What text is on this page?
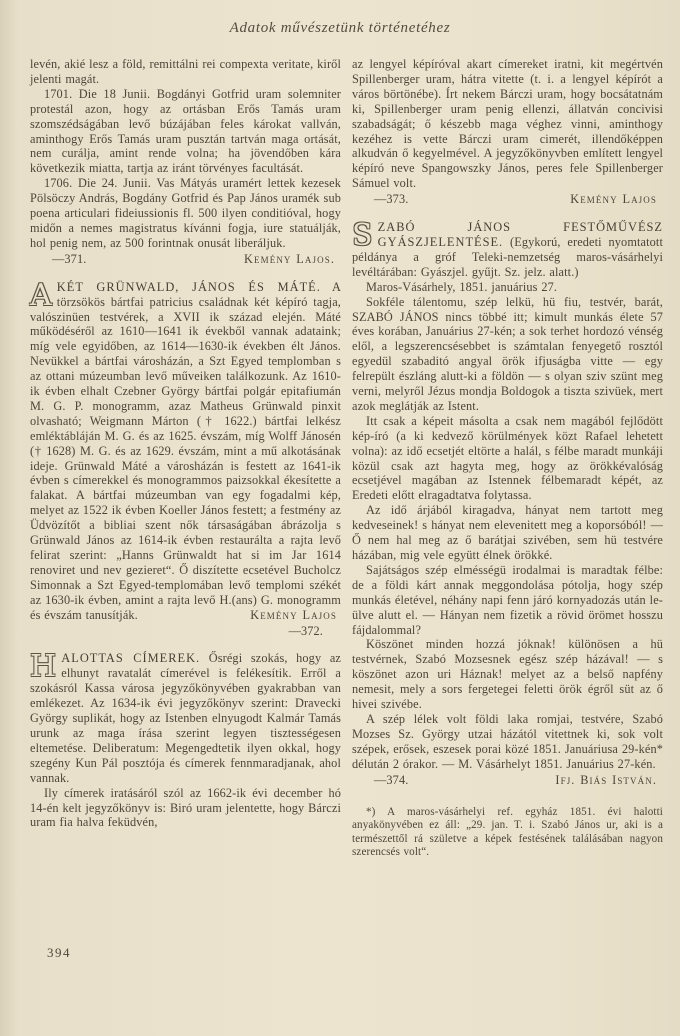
Adatok művészetünk történetéhez

levén, akié lesz a föld, remittálni rei compexta veritate, kiről jelenti magát.

1701. Die 18 Junii. Bogdányi Gotfrid uram solemniter protestál azon, hogy az ortásban Erős Tamás uram szomszédságában levő búzájában feles károkat vallván, aminthogy Erős Tamás uram pusztán tartván maga ortását, nem curálja, amint rende volna; ha jövendőben kára következik miatta, tartja az iránt törvényes facultását.

1706. Die 24. Junii. Vas Mátyás uramért lettek kezesek Pölsöczy András, Bogdány Gotfrid és Pap János uramék sub poena articulari fideiussionis fl. 500 ilyen conditióval, hogy midőn a nemes magistratus kívánni fogja, iure statuálják, hol penig nem, az 500 forintnak onusát liberáljuk.

—371.	Kemény Lajos.

AKÉT GRÜNWALD, JÁNOS ÉS MÁTÉ. A törzsökös bártfai patricius családnak két képíró tagja, valószinüen testvérek, a XVII ik század elején. Máté működéséről az 1610—1641 ik évekből vannak adataink; míg vele egyidőben, az 1614—1630-ik években élt János. Nevükkel a bártfai városházán, a Szt Egyed templomban s az ottani múzeumban levő műveiken találkozunk. Az 1610-ik évben elhalt Czebner György bártfai polgár epitafiumán M. G. P. monogramm, azaz Matheus Grünwald pinxit olvasható; Weigmann Márton († 1622.) bártfai lelkész emléktábláján M. G. és az 1625. évszám, míg Wolff Jánosén († 1628) M. G. és az 1629. évszám, mint a mű alkotásának ideje. Grünwald Máté a városházán is festett az 1641-ik évben s címerekkel és monogrammos paizsokkal ékesítette a falakat. A bártfai múzeumban van egy fogadalmi kép, melyet az 1522 ik évben Koeller János festett; a festmény az Üdvözítőt a bibliai szent nők társaságában ábrázolja s Grünwald János az 1614-ik évben restaurálta a rajta levő felirat szerint: „Hanns Grünwaldt hat si im Jar 1614 renoviret und nev gezieret“. Ő diszítette ecsetével Bucholcz Simonnak a Szt Egyed-templomában levő templomi székét az 1630-ik évben, amint a rajta levő H.(ans) G. monogramm és évszám tanusítják.	Kemény Lajos
—372.

HALOTTAS CÍMEREK. Ősrégi szokás, hogy az elhunyt ravatalát címerével is felékesítik. Erről a szokásról Kassa városa jegyzőkönyvében gyakrabban van emlékezet. Az 1634-ik évi jegyzőkönyv szerint: Dravecki György suplikát, hogy az Istenben elnyugodt Kalmár Tamás urunk az maga írása szerint legyen tisztességesen eltemetése. Deliberatum: Megengedtetik ilyen okkal, hogy szegény Kun Pál posztója és címerek fennmaradjanak, ahol vannak.

Ily címerek iratásáról szól az 1662-ik évi december hó 14-én kelt jegyzőkönyv is: Biró uram jelentette, hogy Bárczi uram fia halva feküdvén,

az lengyel képíróval akart címereket iratni, kit megértvén Spillenberger uram, hátra vitette (t. i. a lengyel képírót a város börtönébe). Írt nekem Bárczi uram, hogy bocsátatnám ki, Spillenberger uram penig ellenzi, állatván concivisi szabadságát; ő készebb maga véghez vinni, aminthogy kezéhez is vette Bárczi uram cimerét, illendőképpen alkudván ő kegyelmével. A jegyzőkönyvben említett lengyel képíró neve Spangowszky János, peres fele Spillenberger Sámuel volt.

—373.	Kemény Lajos

SZABÓ JÁNOS FESTŐMŰVÉSZ GYÁSZJELENTÉSE. (Egykorú, eredeti nyomtatott példánya a gróf Teleki-nemzetség maros-vásárhelyi levéltárában: Gyászjel. gyűjt. Sz. jelz. alatt.)

Maros-Vásárhely, 1851. januárius 27.

Sokféle tálentomu, szép lelkü, hü fiu, testvér, barát, SZABÓ JÁNOS nincs többé itt; kimult munkás élete 57 éves korában, Januárius 27-kén; a sok terhet hordozó vénség elől, a legszerencsésebbet is számtalan fenyegető rosztól egyedül szabaditó angyal örök ifjuságba vitte — egy felrepült észláng alutt-ki a földön — s olyan sziv szünt meg verni, melyről Jézus mondja Boldogok a tiszta szivüek, mert azok meglátják az Istent.

Itt csak a képeit másolta a csak nem magából fejlődött kép-író (a ki kedvező körülmények közt Rafael lehetett volna): az idő ecsetjét eltörte a halál, s félbe maradt munkáji közül csak azt hagyta meg, hogy az örökkévalóság ecsetjével magában az Istennek félbemaradt képét, az Eredeti előtt elragadtatva folytassa.

Az idő árjából kiragadva, hányat nem tartott meg kedveseinek! s hányat nem elevenitett meg a koporsóból! — Ő nem hal meg az ő barátjai szivében, sem hü testvére házában, mig vele együtt élnek örökké.

Sajátságos szép elmésségü irodalmai is maradtak félbe: de a földi kárt annak meggondolása pótolja, hogy szép munkás életével, néhány napi fenn járó kornyadozás után le-ülve alutt el. — Hányan nem fizetik a rövid örömet hosszu fájdalommal?

Köszönet minden hozzá jóknak! különösen a hü testvérnek, Szabó Mozsesnek egész szép házával! — s köszönet azon uri Háznak! melyet az a belső napfény nemesit, mely a sors fergetegei feletti örök égről süt az ő hivei szivébe.

A szép lélek volt földi laka romjai, testvére, Szabó Mozses Sz. György utzai házától vitettnek ki, sok volt szépek, erősek, eszesek porai közé 1851. Januáriusa 29-kén* délután 2 órakor. — M. Vásárhelyt 1851. Januárius 27-kén.

—374.	Ifj. Biás István.

*) A maros-vásárhelyi ref. egyház 1851. évi halotti anyakönyvében ez áll: „29. jan. T. i. Szabó János ur, aki is a természettől rá születve a képek festésének találásában nagyon szerencsés volt“.

394
